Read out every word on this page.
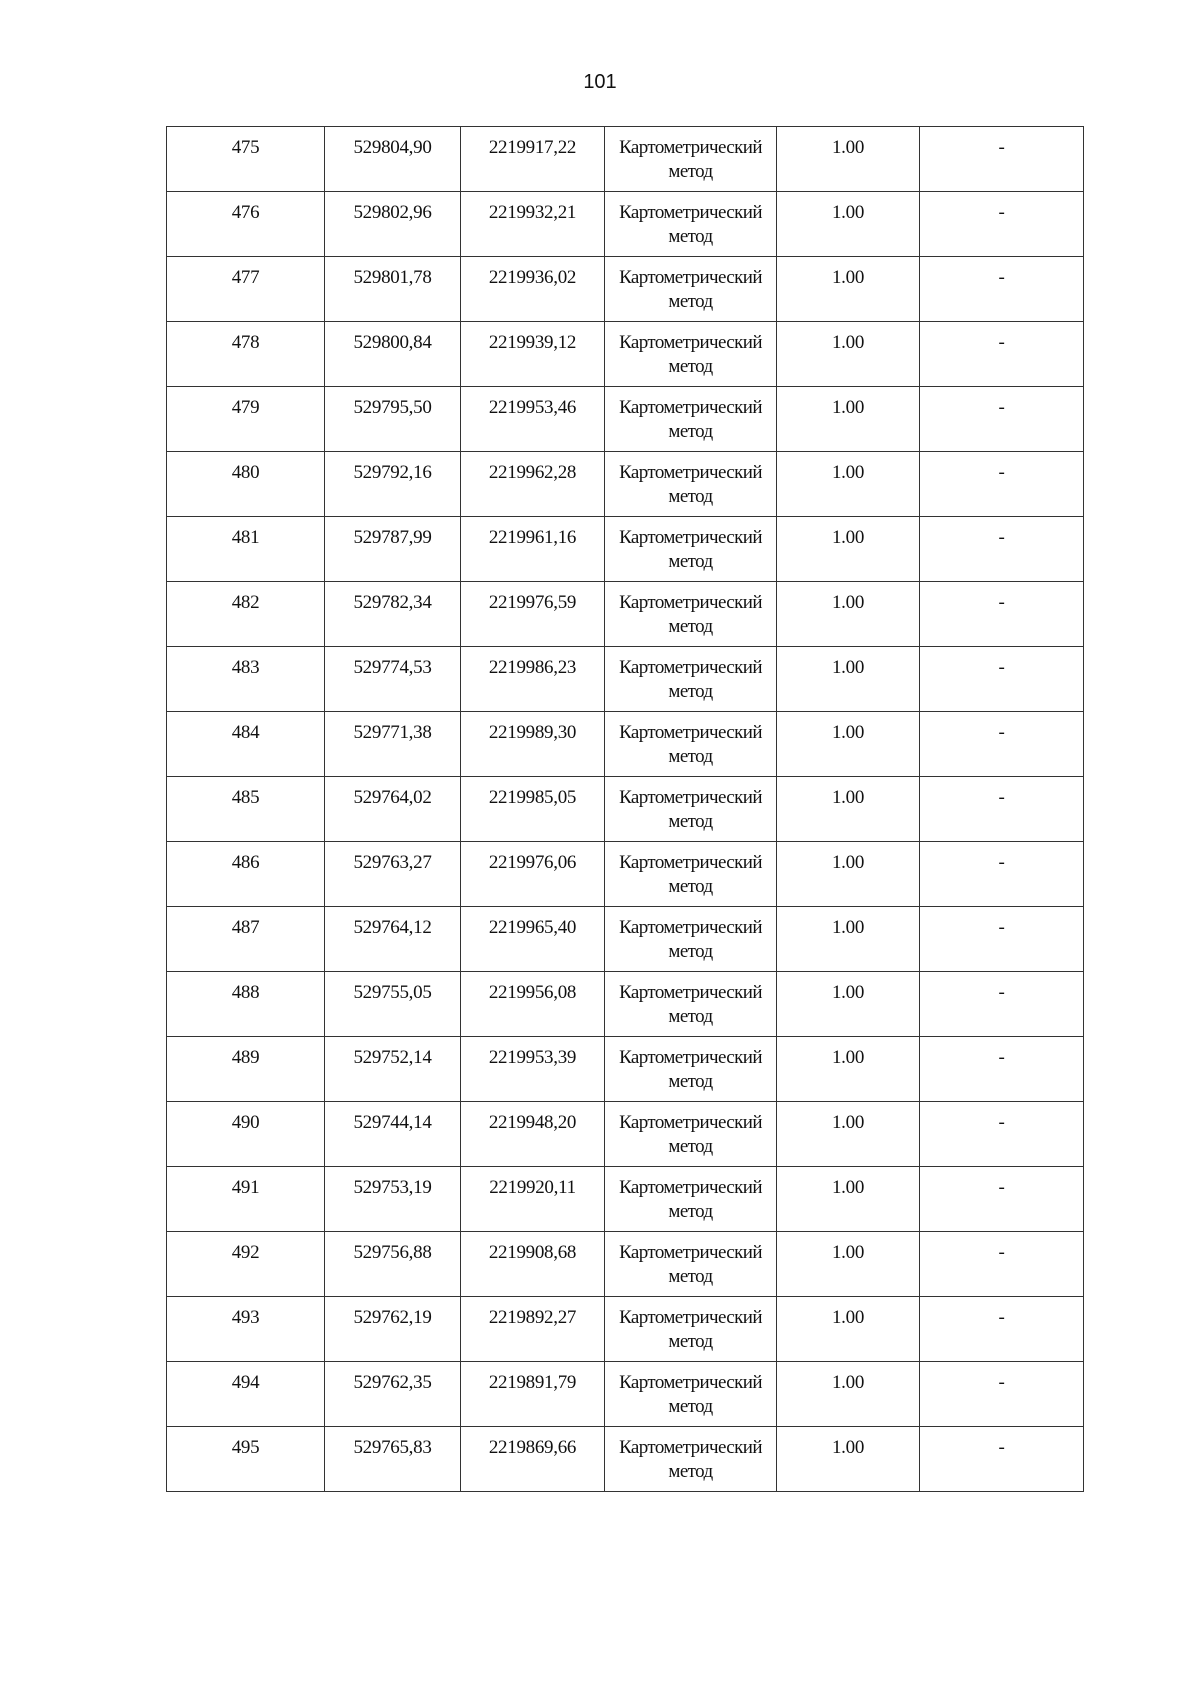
101
475	529804,90	2219917,22	Картометрический метод	1.00	-
476	529802,96	2219932,21	Картометрический метод	1.00	-
477	529801,78	2219936,02	Картометрический метод	1.00	-
478	529800,84	2219939,12	Картометрический метод	1.00	-
479	529795,50	2219953,46	Картометрический метод	1.00	-
480	529792,16	2219962,28	Картометрический метод	1.00	-
481	529787,99	2219961,16	Картометрический метод	1.00	-
482	529782,34	2219976,59	Картометрический метод	1.00	-
483	529774,53	2219986,23	Картометрический метод	1.00	-
484	529771,38	2219989,30	Картометрический метод	1.00	-
485	529764,02	2219985,05	Картометрический метод	1.00	-
486	529763,27	2219976,06	Картометрический метод	1.00	-
487	529764,12	2219965,40	Картометрический метод	1.00	-
488	529755,05	2219956,08	Картометрический метод	1.00	-
489	529752,14	2219953,39	Картометрический метод	1.00	-
490	529744,14	2219948,20	Картометрический метод	1.00	-
491	529753,19	2219920,11	Картометрический метод	1.00	-
492	529756,88	2219908,68	Картометрический метод	1.00	-
493	529762,19	2219892,27	Картометрический метод	1.00	-
494	529762,35	2219891,79	Картометрический метод	1.00	-
495	529765,83	2219869,66	Картометрический метод	1.00	-
